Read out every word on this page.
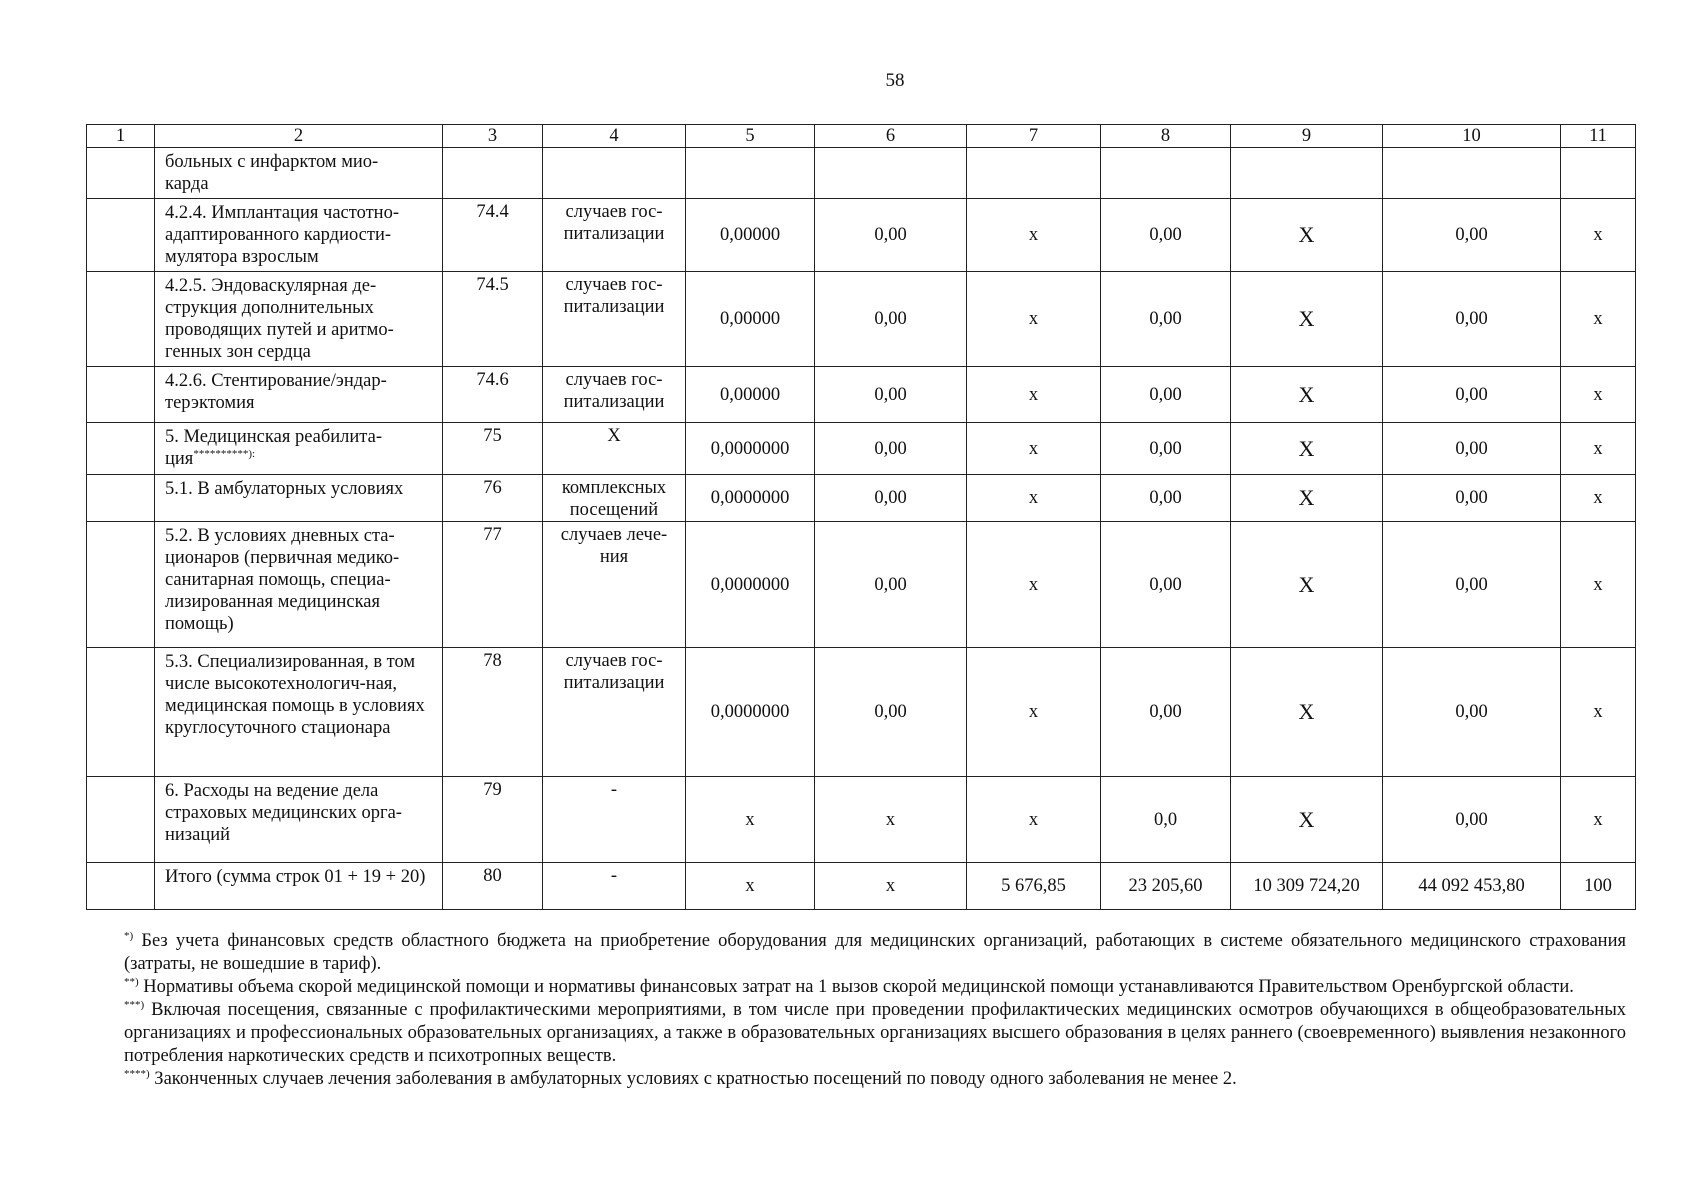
58
1	2	3	4	5	6	7	8	9	10	11
	больных с инфарктом мио-
карда									
	4.2.4. Имплантация частотно-адаптированного кардиости-мулятора взрослым	74.4	случаев гос-питализации	0,00000	0,00	х	0,00	Х	0,00	х
	4.2.5. Эндоваскулярная де-струкция дополнительных проводящих путей и аритмо-генных зон сердца	74.5	случаев гос-питализации	0,00000	0,00	х	0,00	Х	0,00	х
	4.2.6. Стентирование/эндар-терэктомия	74.6	случаев гос-питализации	0,00000	0,00	х	0,00	Х	0,00	х
	5. Медицинская реабилита-ция**********):	75	Х	0,0000000	0,00	х	0,00	Х	0,00	х
	5.1. В амбулаторных условиях	76	комплексных посещений	0,0000000	0,00	х	0,00	Х	0,00	х
	5.2. В условиях дневных ста-ционаров (первичная медико-санитарная помощь, специа-лизированная медицинская помощь)	77	случаев лече-ния	0,0000000	0,00	х	0,00	Х	0,00	х
	5.3. Специализированная, в том числе высокотехнологич-ная, медицинская помощь в условиях круглосуточного стационара	78	случаев гос-питализации	0,0000000	0,00	х	0,00	Х	0,00	х
	6. Расходы на ведение дела страховых медицинских орга-низаций	79	-	х	х	х	0,0	Х	0,00	х
	Итого (сумма строк 01 + 19 + 20)	80	-	х	х	5 676,85	23 205,60	10 309 724,20	44 092 453,80	100

*) Без учета финансовых средств областного бюджета на приобретение оборудования для медицинских организаций, работающих в системе обязательного медицинского страхования (затраты, не вошедшие в тариф).

**) Нормативы объема скорой медицинской помощи и нормативы финансовых затрат на 1 вызов скорой медицинской помощи устанавливаются Правительством Оренбургской области.

***) Включая посещения, связанные с профилактическими мероприятиями, в том числе при проведении профилактических медицинских осмотров обучающихся в общеобразовательных организациях и профессиональных образовательных организациях, а также в образовательных организациях высшего образования в целях раннего (своевременного) выявления незаконного потребления наркотических средств и психотропных веществ.

****) Законченных случаев лечения заболевания в амбулаторных условиях с кратностью посещений по поводу одного заболевания не менее 2.
